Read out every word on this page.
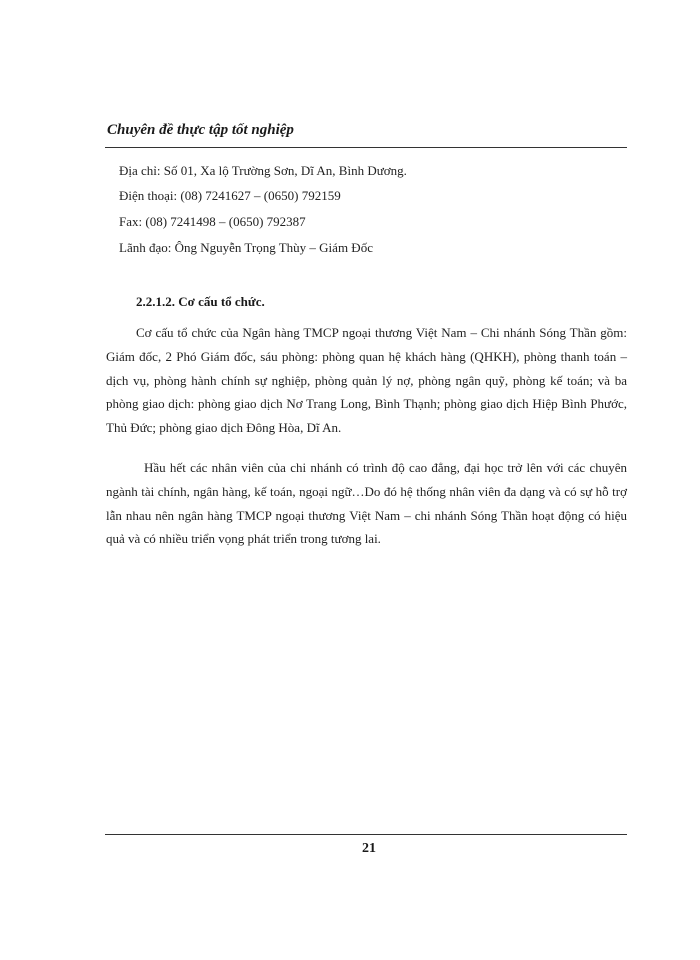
Chuyên đề thực tập tốt nghiệp
Địa chỉ: Số 01, Xa lộ Trường Sơn, Dĩ An, Bình Dương.
Điện thoại: (08) 7241627 – (0650) 792159
Fax: (08) 7241498 – (0650) 792387
Lãnh đạo: Ông Nguyễn Trọng Thùy – Giám Đốc
2.2.1.2. Cơ cấu tổ chức.
Cơ cấu tổ chức của Ngân hàng TMCP ngoại thương Việt Nam – Chi nhánh Sóng Thần gồm: Giám đốc, 2 Phó Giám đốc, sáu phòng: phòng quan hệ khách hàng (QHKH), phòng thanh toán – dịch vụ, phòng hành chính sự nghiệp, phòng quản lý nợ, phòng ngân quỹ, phòng kế toán; và ba phòng giao dịch: phòng giao dịch Nơ Trang Long, Bình Thạnh; phòng giao dịch Hiệp Bình Phước, Thủ Đức; phòng giao dịch Đông Hòa, Dĩ An.
Hầu hết các nhân viên của chi nhánh có trình độ cao đẳng, đại học trở lên với các chuyên ngành tài chính, ngân hàng, kế toán, ngoại ngữ…Do đó hệ thống nhân viên đa dạng và có sự hỗ trợ lẫn nhau nên ngân hàng TMCP ngoại thương Việt Nam – chi nhánh Sóng Thần hoạt động có hiệu quả và có nhiều triển vọng phát triển trong tương lai.
21
